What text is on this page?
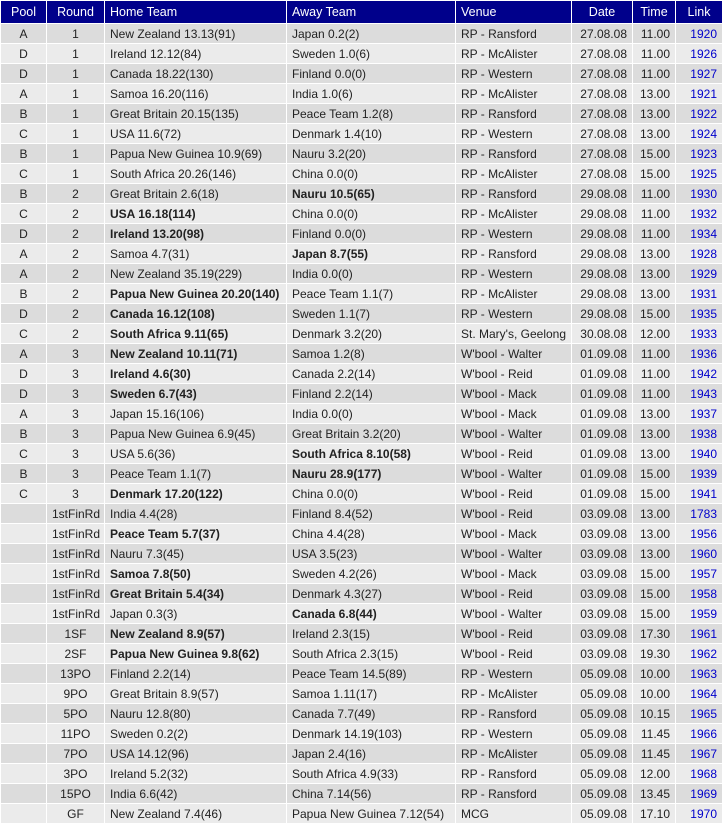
Pool	Round	Home Team	Away Team	Venue	Date	Time	Link
A	1	New Zealand 13.13(91)	Japan 0.2(2)	RP - Ransford	27.08.08	11.00	1920
D	1	Ireland 12.12(84)	Sweden 1.0(6)	RP - McAlister	27.08.08	11.00	1926
D	1	Canada 18.22(130)	Finland 0.0(0)	RP - Western	27.08.08	11.00	1927
A	1	Samoa 16.20(116)	India 1.0(6)	RP - McAlister	27.08.08	13.00	1921
B	1	Great Britain 20.15(135)	Peace Team 1.2(8)	RP - Ransford	27.08.08	13.00	1922
C	1	USA 11.6(72)	Denmark 1.4(10)	RP - Western	27.08.08	13.00	1924
B	1	Papua New Guinea 10.9(69)	Nauru 3.2(20)	RP - Ransford	27.08.08	15.00	1923
C	1	South Africa 20.26(146)	China 0.0(0)	RP - McAlister	27.08.08	15.00	1925
B	2	Great Britain 2.6(18)	Nauru 10.5(65)	RP - Ransford	29.08.08	11.00	1930
C	2	USA 16.18(114)	China 0.0(0)	RP - McAlister	29.08.08	11.00	1932
D	2	Ireland 13.20(98)	Finland 0.0(0)	RP - Western	29.08.08	11.00	1934
A	2	Samoa 4.7(31)	Japan 8.7(55)	RP - Ransford	29.08.08	13.00	1928
A	2	New Zealand 35.19(229)	India 0.0(0)	RP - Western	29.08.08	13.00	1929
B	2	Papua New Guinea 20.20(140)	Peace Team 1.1(7)	RP - McAlister	29.08.08	13.00	1931
D	2	Canada 16.12(108)	Sweden 1.1(7)	RP - Western	29.08.08	15.00	1935
C	2	South Africa 9.11(65)	Denmark 3.2(20)	St. Mary's, Geelong	30.08.08	12.00	1933
A	3	New Zealand 10.11(71)	Samoa 1.2(8)	W'bool - Walter	01.09.08	11.00	1936
D	3	Ireland 4.6(30)	Canada 2.2(14)	W'bool - Reid	01.09.08	11.00	1942
D	3	Sweden 6.7(43)	Finland 2.2(14)	W'bool - Mack	01.09.08	11.00	1943
A	3	Japan 15.16(106)	India 0.0(0)	W'bool - Mack	01.09.08	13.00	1937
B	3	Papua New Guinea 6.9(45)	Great Britain 3.2(20)	W'bool - Walter	01.09.08	13.00	1938
C	3	USA 5.6(36)	South Africa 8.10(58)	W'bool - Reid	01.09.08	13.00	1940
B	3	Peace Team 1.1(7)	Nauru 28.9(177)	W'bool - Walter	01.09.08	15.00	1939
C	3	Denmark 17.20(122)	China 0.0(0)	W'bool - Reid	01.09.08	15.00	1941
	1stFinRd	India 4.4(28)	Finland 8.4(52)	W'bool - Reid	03.09.08	13.00	1783
	1stFinRd	Peace Team 5.7(37)	China 4.4(28)	W'bool - Mack	03.09.08	13.00	1956
	1stFinRd	Nauru 7.3(45)	USA 3.5(23)	W'bool - Walter	03.09.08	13.00	1960
	1stFinRd	Samoa 7.8(50)	Sweden 4.2(26)	W'bool - Mack	03.09.08	15.00	1957
	1stFinRd	Great Britain 5.4(34)	Denmark 4.3(27)	W'bool - Reid	03.09.08	15.00	1958
	1stFinRd	Japan 0.3(3)	Canada 6.8(44)	W'bool - Walter	03.09.08	15.00	1959
	1SF	New Zealand 8.9(57)	Ireland 2.3(15)	W'bool - Reid	03.09.08	17.30	1961
	2SF	Papua New Guinea 9.8(62)	South Africa 2.3(15)	W'bool - Reid	03.09.08	19.30	1962
	13PO	Finland 2.2(14)	Peace Team 14.5(89)	RP - Western	05.09.08	10.00	1963
	9PO	Great Britain 8.9(57)	Samoa 1.11(17)	RP - McAlister	05.09.08	10.00	1964
	5PO	Nauru 12.8(80)	Canada 7.7(49)	RP - Ransford	05.09.08	10.15	1965
	11PO	Sweden 0.2(2)	Denmark 14.19(103)	RP - Western	05.09.08	11.45	1966
	7PO	USA 14.12(96)	Japan 2.4(16)	RP - McAlister	05.09.08	11.45	1967
	3PO	Ireland 5.2(32)	South Africa 4.9(33)	RP - Ransford	05.09.08	12.00	1968
	15PO	India 6.6(42)	China 7.14(56)	RP - Ransford	05.09.08	13.45	1969
	GF	New Zealand 7.4(46)	Papua New Guinea 7.12(54)	MCG	05.09.08	17.10	1970
